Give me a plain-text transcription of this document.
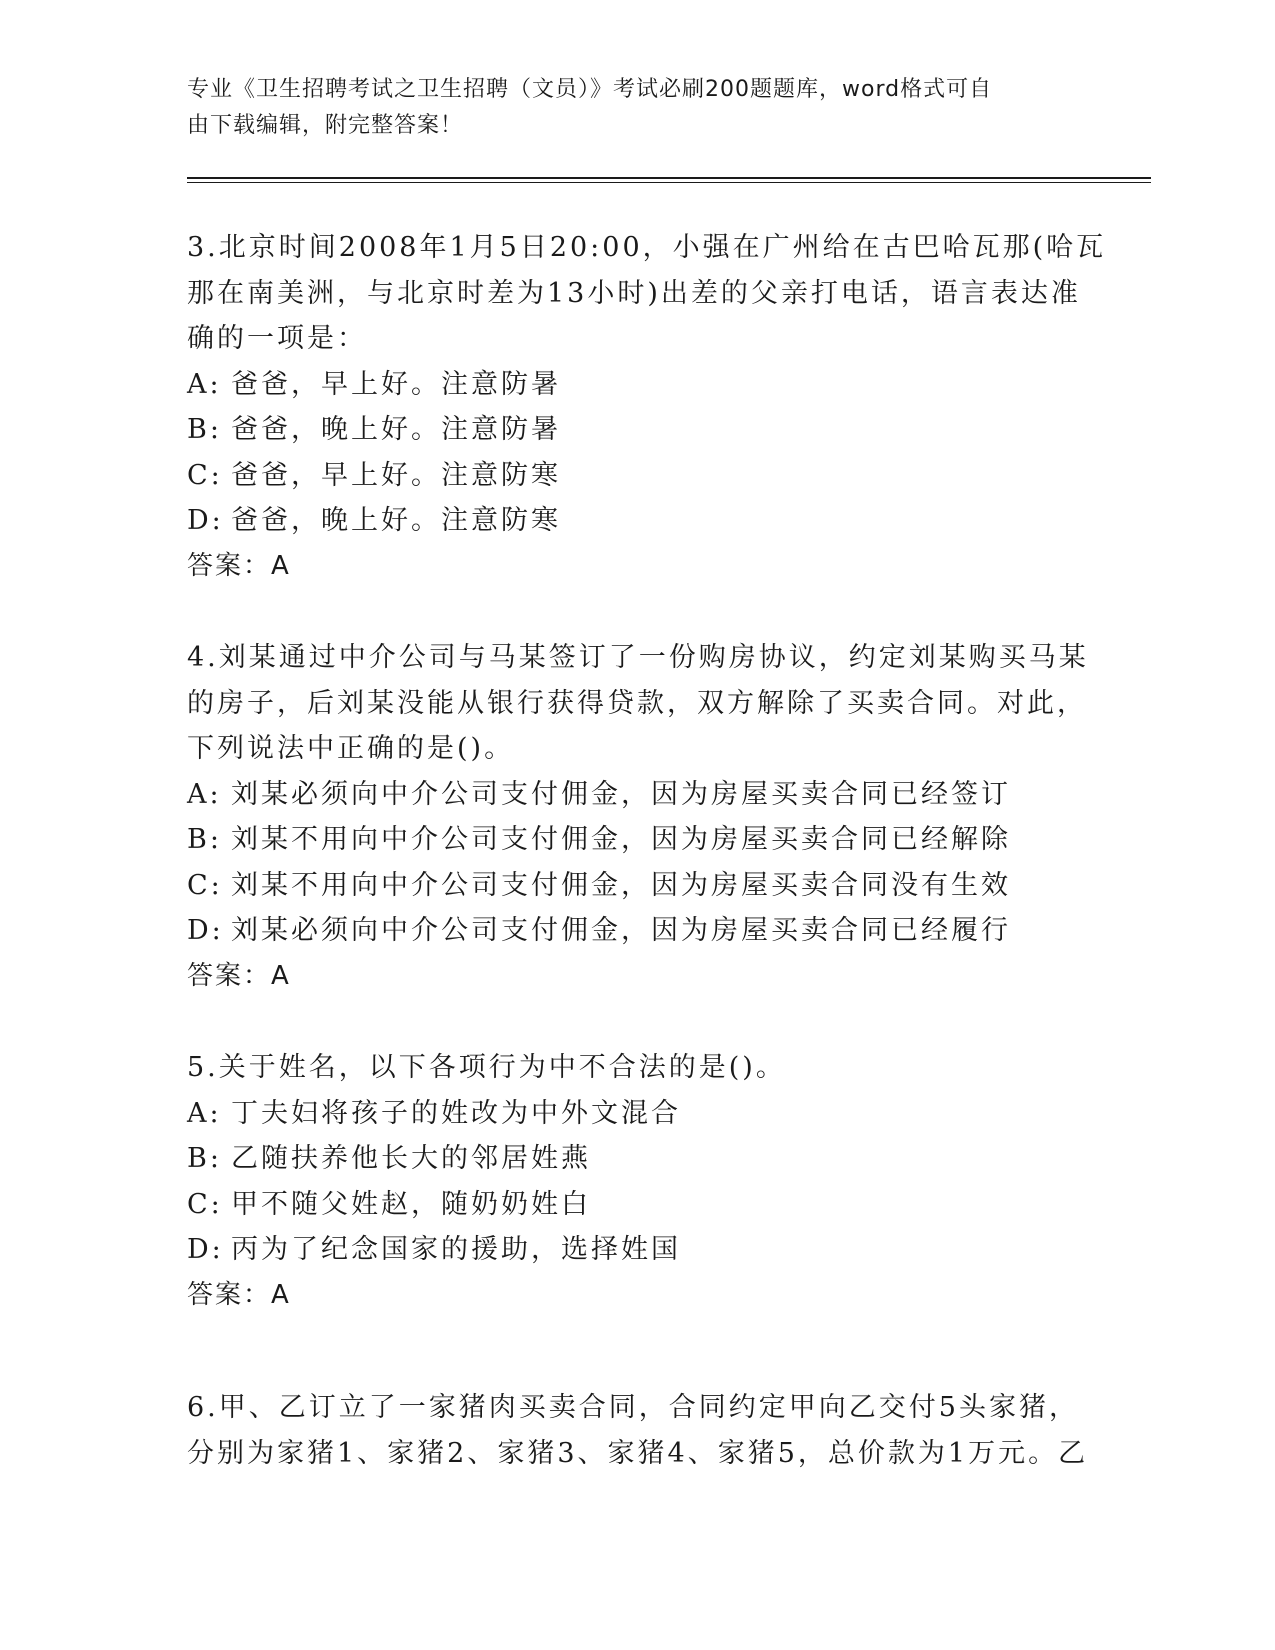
专业《卫生招聘考试之卫生招聘（文员）》考试必刷200题题库，word格式可自
由下载编辑，附完整答案！
3.北京时间2008年1月5日20:00，小强在广州给在古巴哈瓦那(哈瓦
那在南美洲，与北京时差为13小时)出差的父亲打电话，语言表达准
确的一项是：
A: 爸爸，早上好。注意防暑
B: 爸爸，晚上好。注意防暑
C: 爸爸，早上好。注意防寒
D: 爸爸，晚上好。注意防寒
答案：A
4.刘某通过中介公司与马某签订了一份购房协议，约定刘某购买马某
的房子，后刘某没能从银行获得贷款，双方解除了买卖合同。对此，
下列说法中正确的是()。
A: 刘某必须向中介公司支付佣金，因为房屋买卖合同已经签订
B: 刘某不用向中介公司支付佣金，因为房屋买卖合同已经解除
C: 刘某不用向中介公司支付佣金，因为房屋买卖合同没有生效
D: 刘某必须向中介公司支付佣金，因为房屋买卖合同已经履行
答案：A
5.关于姓名，以下各项行为中不合法的是()。
A: 丁夫妇将孩子的姓改为中外文混合
B: 乙随扶养他长大的邻居姓燕
C: 甲不随父姓赵，随奶奶姓白
D: 丙为了纪念国家的援助，选择姓国
答案：A
6.甲、乙订立了一家猪肉买卖合同，合同约定甲向乙交付5头家猪，
分别为家猪1、家猪2、家猪3、家猪4、家猪5，总价款为1万元。乙
